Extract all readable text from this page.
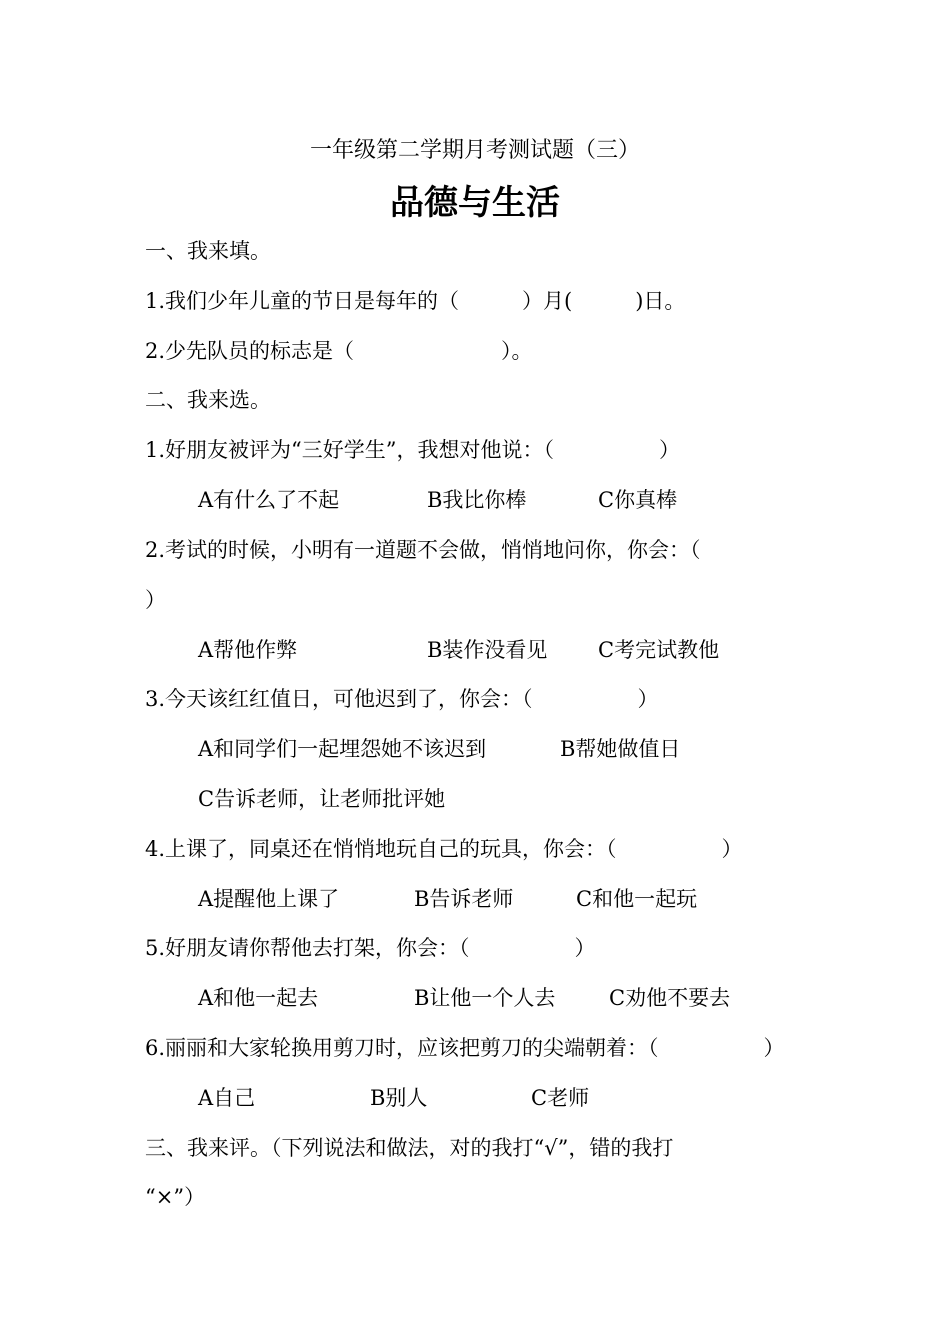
一年级第二学期月考测试题（三）
品德与生活
一、我来填。
1.我们少年儿童的节日是每年的（　　　）月(　　　)日。
2.少先队员的标志是（　　　　　　　）。
二、我来选。
1.好朋友被评为“三好学生”，我想对他说：（　　　　　）
A有什么了不起	B我比你棒	C你真棒
2.考试的时候，小明有一道题不会做，悄悄地问你，你会：（
）
A帮他作弊	B装作没看见 C考完试教他
3.今天该红红值日，可他迟到了，你会：（　　　　　）
A和同学们一起埋怨她不该迟到	B帮她做值日
C告诉老师，让老师批评她
4.上课了，同桌还在悄悄地玩自己的玩具，你会：（　　　　　）
A提醒他上课了	B告诉老师	C和他一起玩
5.好朋友请你帮他去打架，你会：（　　　　　）
A和他一起去	B让他一个人去	C劝他不要去
6.丽丽和大家轮换用剪刀时，应该把剪刀的尖端朝着：（　　　　　）
A自己	B别人	C老师
三、我来评。（下列说法和做法，对的我打“√”，错的我打
“×”）
